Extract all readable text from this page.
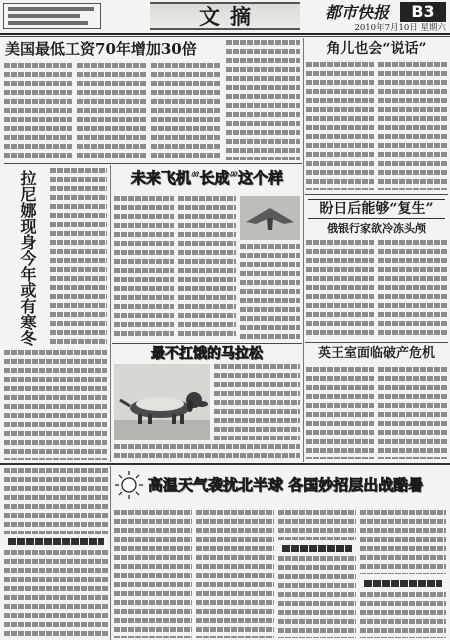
文摘	都市快报	B3
2010年7月10日 星期六
美国最低工资70年增加30倍	角儿也会“说话”
盼日后能够“复生”
俄银行家欲冷冻头颅
英王室面临破产危机
拉尼娜现身今年或有寒冬	未来飞机“长成”这个样
最不扛饿的马拉松
高温天气袭扰北半球 各国妙招层出战酷暑
